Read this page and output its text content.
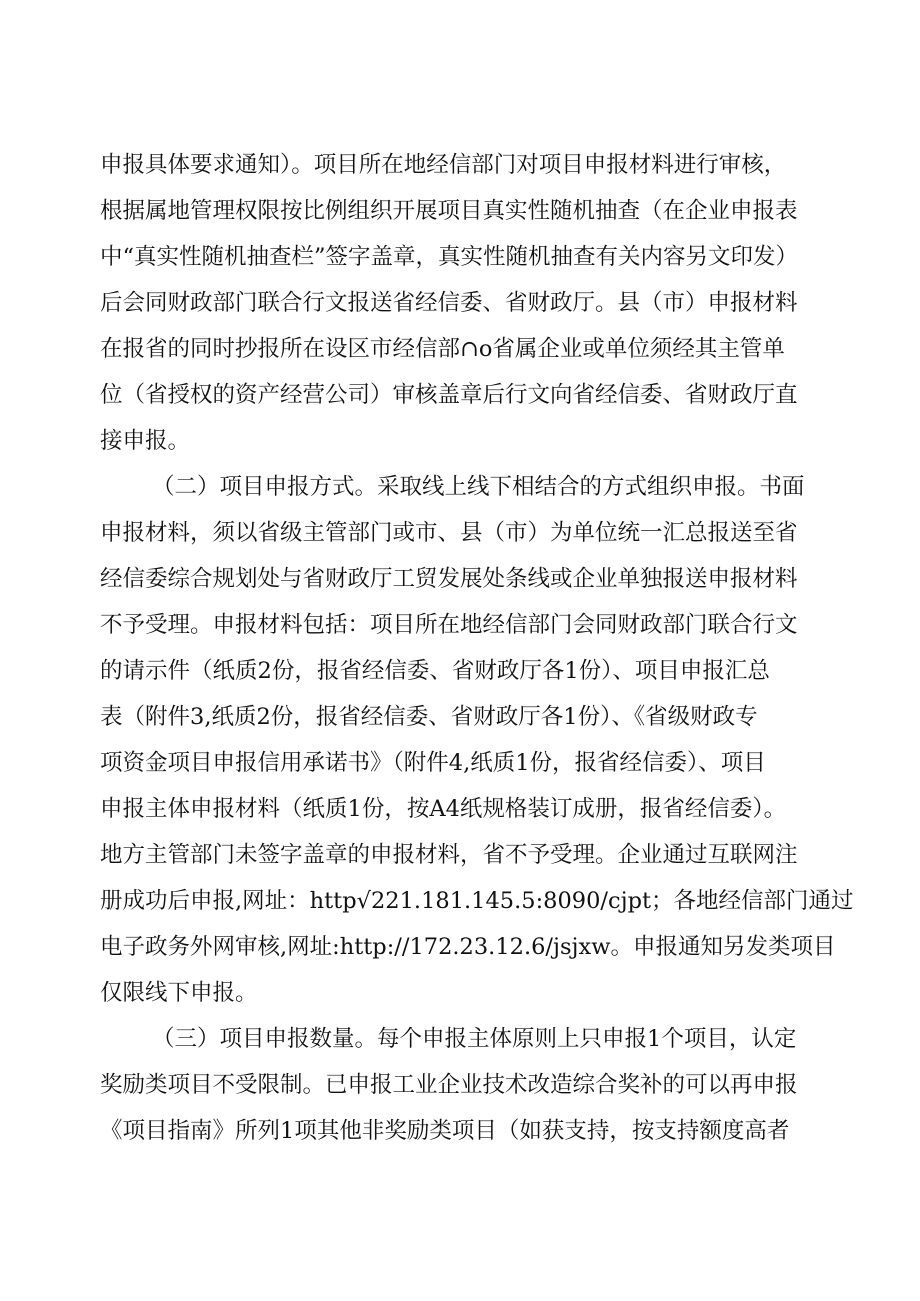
申报具体要求通知）。项目所在地经信部门对项目申报材料进行审核，
根据属地管理权限按比例组织开展项目真实性随机抽查（在企业申报表
中“真实性随机抽查栏”签字盖章，真实性随机抽查有关内容另文印发）
后会同财政部门联合行文报送省经信委、省财政厅。县（市）申报材料
在报省的同时抄报所在设区市经信部∩o省属企业或单位须经其主管单
位（省授权的资产经营公司）审核盖章后行文向省经信委、省财政厅直
接申报。
（二）项目申报方式。采取线上线下相结合的方式组织申报。书面
申报材料，须以省级主管部门或市、县（市）为单位统一汇总报送至省
经信委综合规划处与省财政厅工贸发展处条线或企业单独报送申报材料
不予受理。申报材料包括：项目所在地经信部门会同财政部门联合行文
的请示件（纸质2份，报省经信委、省财政厅各1份）、项目申报汇总
表（附件3,纸质2份，报省经信委、省财政厅各1份）、《省级财政专
项资金项目申报信用承诺书》（附件4,纸质1份，报省经信委）、项目
申报主体申报材料（纸质1份，按A4纸规格装订成册，报省经信委）。
地方主管部门未签字盖章的申报材料，省不予受理。企业通过互联网注
册成功后申报,网址：http√221.181.145.5:8090/cjpt；各地经信部门通过
电子政务外网审核,网址:http://172.23.12.6/jsjxw。申报通知另发类项目
仅限线下申报。
（三）项目申报数量。每个申报主体原则上只申报1个项目，认定
奖励类项目不受限制。已申报工业企业技术改造综合奖补的可以再申报
《项目指南》所列1项其他非奖励类项目（如获支持，按支持额度高者
